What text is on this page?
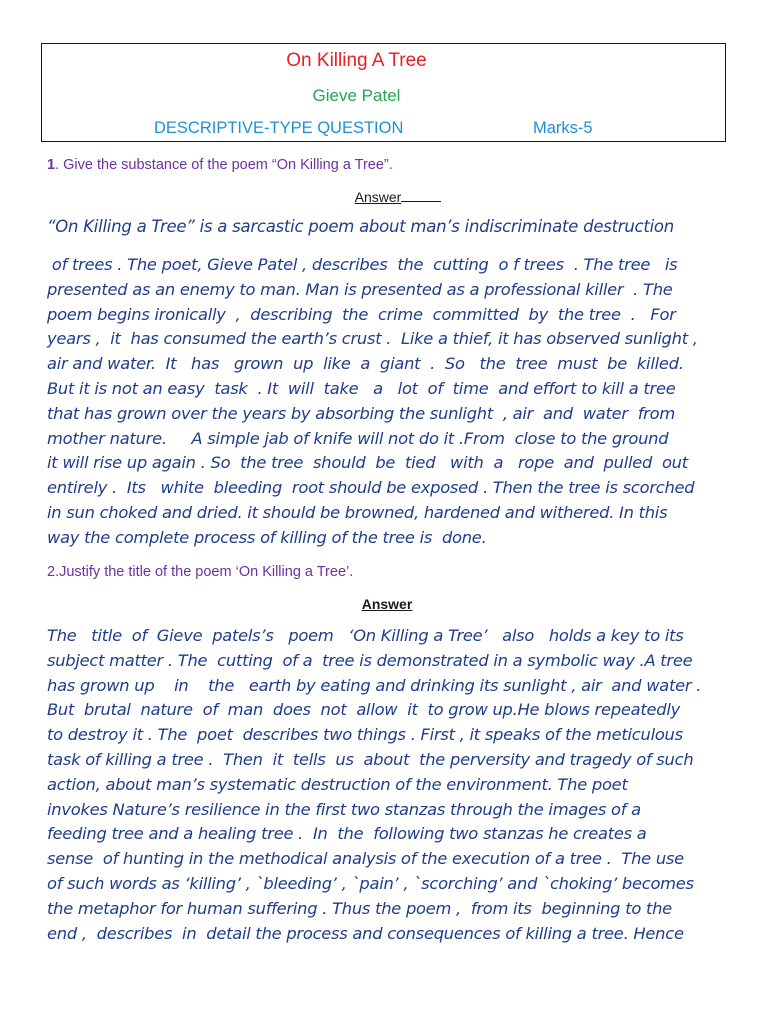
On Killing A Tree
Gieve Patel
DESCRIPTIVE-TYPE QUESTION	Marks-5
1. Give the substance of the poem “On Killing a Tree”.
Answer
“On Killing a Tree” is a sarcastic poem about man’s indiscriminate destruction
of trees . The poet, Gieve Patel , describes  the  cutting  o f trees  . The tree   is
presented as an enemy to man. Man is presented as a professional killer  . The
poem begins ironically  ,  describing  the  crime  committed  by  the tree  .   For
years ,  it  has consumed the earth’s crust .  Like a thief, it has observed sunlight ,
air and water.  It   has   grown  up  like  a  giant  .  So   the  tree  must  be  killed.
But it is not an easy  task  . It  will  take   a   lot  of  time  and effort to kill a tree
that has grown over the years by absorbing the sunlight  , air  and  water  from
mother nature.     A simple jab of knife will not do it .From  close to the ground
it will rise up again . So  the tree  should  be  tied   with  a   rope  and  pulled  out
entirely .  Its   white  bleeding  root should be exposed . Then the tree is scorched
in sun choked and dried. it should be browned, hardened and withered. In this
way the complete process of killing of the tree is  done.
2.Justify the title of the poem ‘On Killing a Tree’.
Answer
The   title  of  Gieve  patels’s   poem   ‘On Killing a Tree’   also   holds a key to its
subject matter . The  cutting  of a  tree is demonstrated in a symbolic way .A tree
has grown up    in    the   earth by eating and drinking its sunlight , air  and water .
But  brutal  nature  of  man  does  not  allow  it  to grow up.He blows repeatedly
to destroy it . The  poet  describes two things . First , it speaks of the meticulous
task of killing a tree .  Then  it  tells  us  about  the perversity and tragedy of such
action, about man’s systematic destruction of the environment. The poet
invokes Nature’s resilience in the first two stanzas through the images of a
feeding tree and a healing tree .  In  the  following two stanzas he creates a
sense  of hunting in the methodical analysis of the execution of a tree .  The use
of such words as ‘killing’ , `bleeding’ , `pain’ , `scorching’ and `choking’ becomes
the metaphor for human suffering . Thus the poem ,  from its  beginning to the
end ,  describes  in  detail the process and consequences of killing a tree. Hence
